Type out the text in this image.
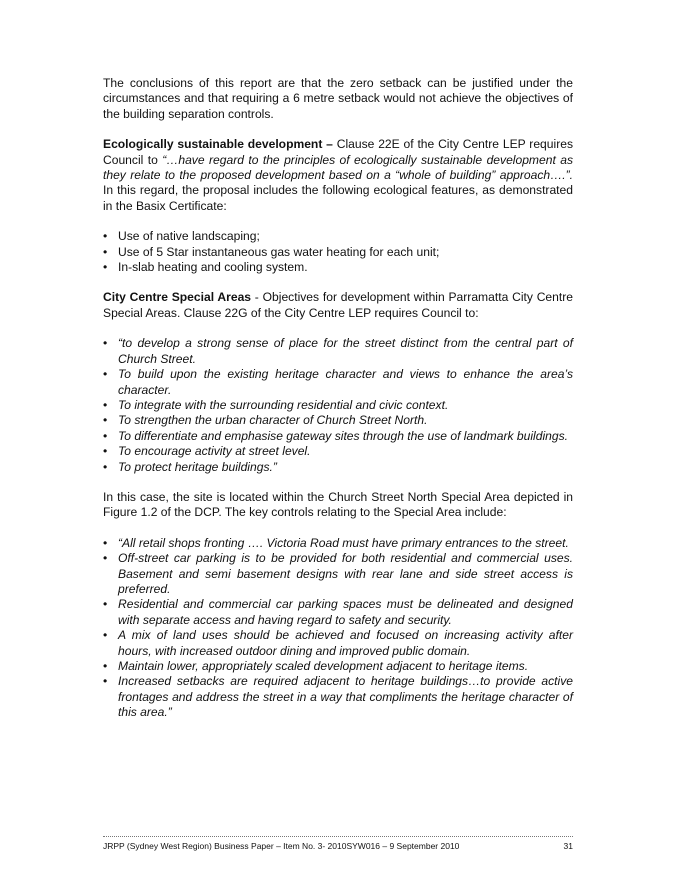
The conclusions of this report are that the zero setback can be justified under the circumstances and that requiring a 6 metre setback would not achieve the objectives of the building separation controls.

Ecologically sustainable development – Clause 22E of the City Centre LEP requires Council to “…have regard to the principles of ecologically sustainable development as they relate to the proposed development based on a “whole of building” approach….”. In this regard, the proposal includes the following ecological features, as demonstrated in the Basix Certificate:

• Use of native landscaping;
• Use of 5 Star instantaneous gas water heating for each unit;
• In-slab heating and cooling system.

City Centre Special Areas - Objectives for development within Parramatta City Centre Special Areas. Clause 22G of the City Centre LEP requires Council to:

• “to develop a strong sense of place for the street distinct from the central part of Church Street.
• To build upon the existing heritage character and views to enhance the area’s character.
• To integrate with the surrounding residential and civic context.
• To strengthen the urban character of Church Street North.
• To differentiate and emphasise gateway sites through the use of landmark buildings.
• To encourage activity at street level.
• To protect heritage buildings.”

In this case, the site is located within the Church Street North Special Area depicted in Figure 1.2 of the DCP. The key controls relating to the Special Area include:

• “All retail shops fronting …. Victoria Road must have primary entrances to the street.
• Off-street car parking is to be provided for both residential and commercial uses. Basement and semi basement designs with rear lane and side street access is preferred.
• Residential and commercial car parking spaces must be delineated and designed with separate access and having regard to safety and security.
• A mix of land uses should be achieved and focused on increasing activity after hours, with increased outdoor dining and improved public domain.
• Maintain lower, appropriately scaled development adjacent to heritage items.
• Increased setbacks are required adjacent to heritage buildings…to provide active frontages and address the street in a way that compliments the heritage character of this area.”
JRPP (Sydney West Region) Business Paper – Item No. 3- 2010SYW016 – 9 September 2010	31
